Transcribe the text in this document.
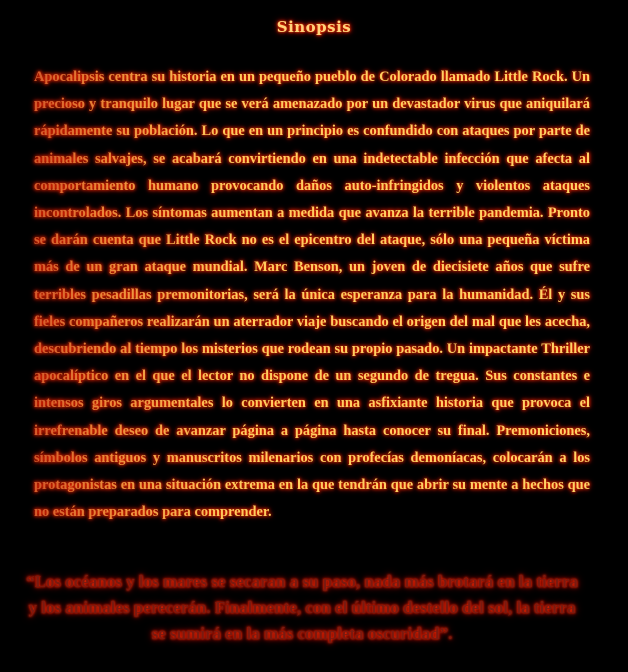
Sinopsis

Apocalipsis centra su historia en un pequeño pueblo de Colorado llamado Little Rock. Un precioso y tranquilo lugar que se verá amenazado por un devastador virus que aniquilará rápidamente su población. Lo que en un principio es confundido con ataques por parte de animales salvajes, se acabará convirtiendo en una indetectable infección que afecta al comportamiento humano provocando daños auto-infringidos y violentos ataques incontrolados. Los síntomas aumentan a medida que avanza la terrible pandemia. Pronto se darán cuenta que Little Rock no es el epicentro del ataque, sólo una pequeña víctima más de un gran ataque mundial. Marc Benson, un joven de diecisiete años que sufre terribles pesadillas premonitorias, será la única esperanza para la humanidad. Él y sus fieles compañeros realizarán un aterrador viaje buscando el origen del mal que les acecha, descubriendo al tiempo los misterios que rodean su propio pasado. Un impactante Thriller apocalíptico en el que el lector no dispone de un segundo de tregua. Sus constantes e intensos giros argumentales lo convierten en una asfixiante historia que provoca el irrefrenable deseo de avanzar página a página hasta conocer su final. Premoniciones, símbolos antiguos y manuscritos milenarios con profecías demoníacas, colocarán a los protagonistas en una situación extrema en la que tendrán que abrir su mente a hechos que no están preparados para comprender.

“Los océanos y los mares se secaran a su paso, nada más brotará en la tierra y los animales perecerán. Finalmente, con el último destello del sol, la tierra se sumirá en la más completa oscuridad”.
